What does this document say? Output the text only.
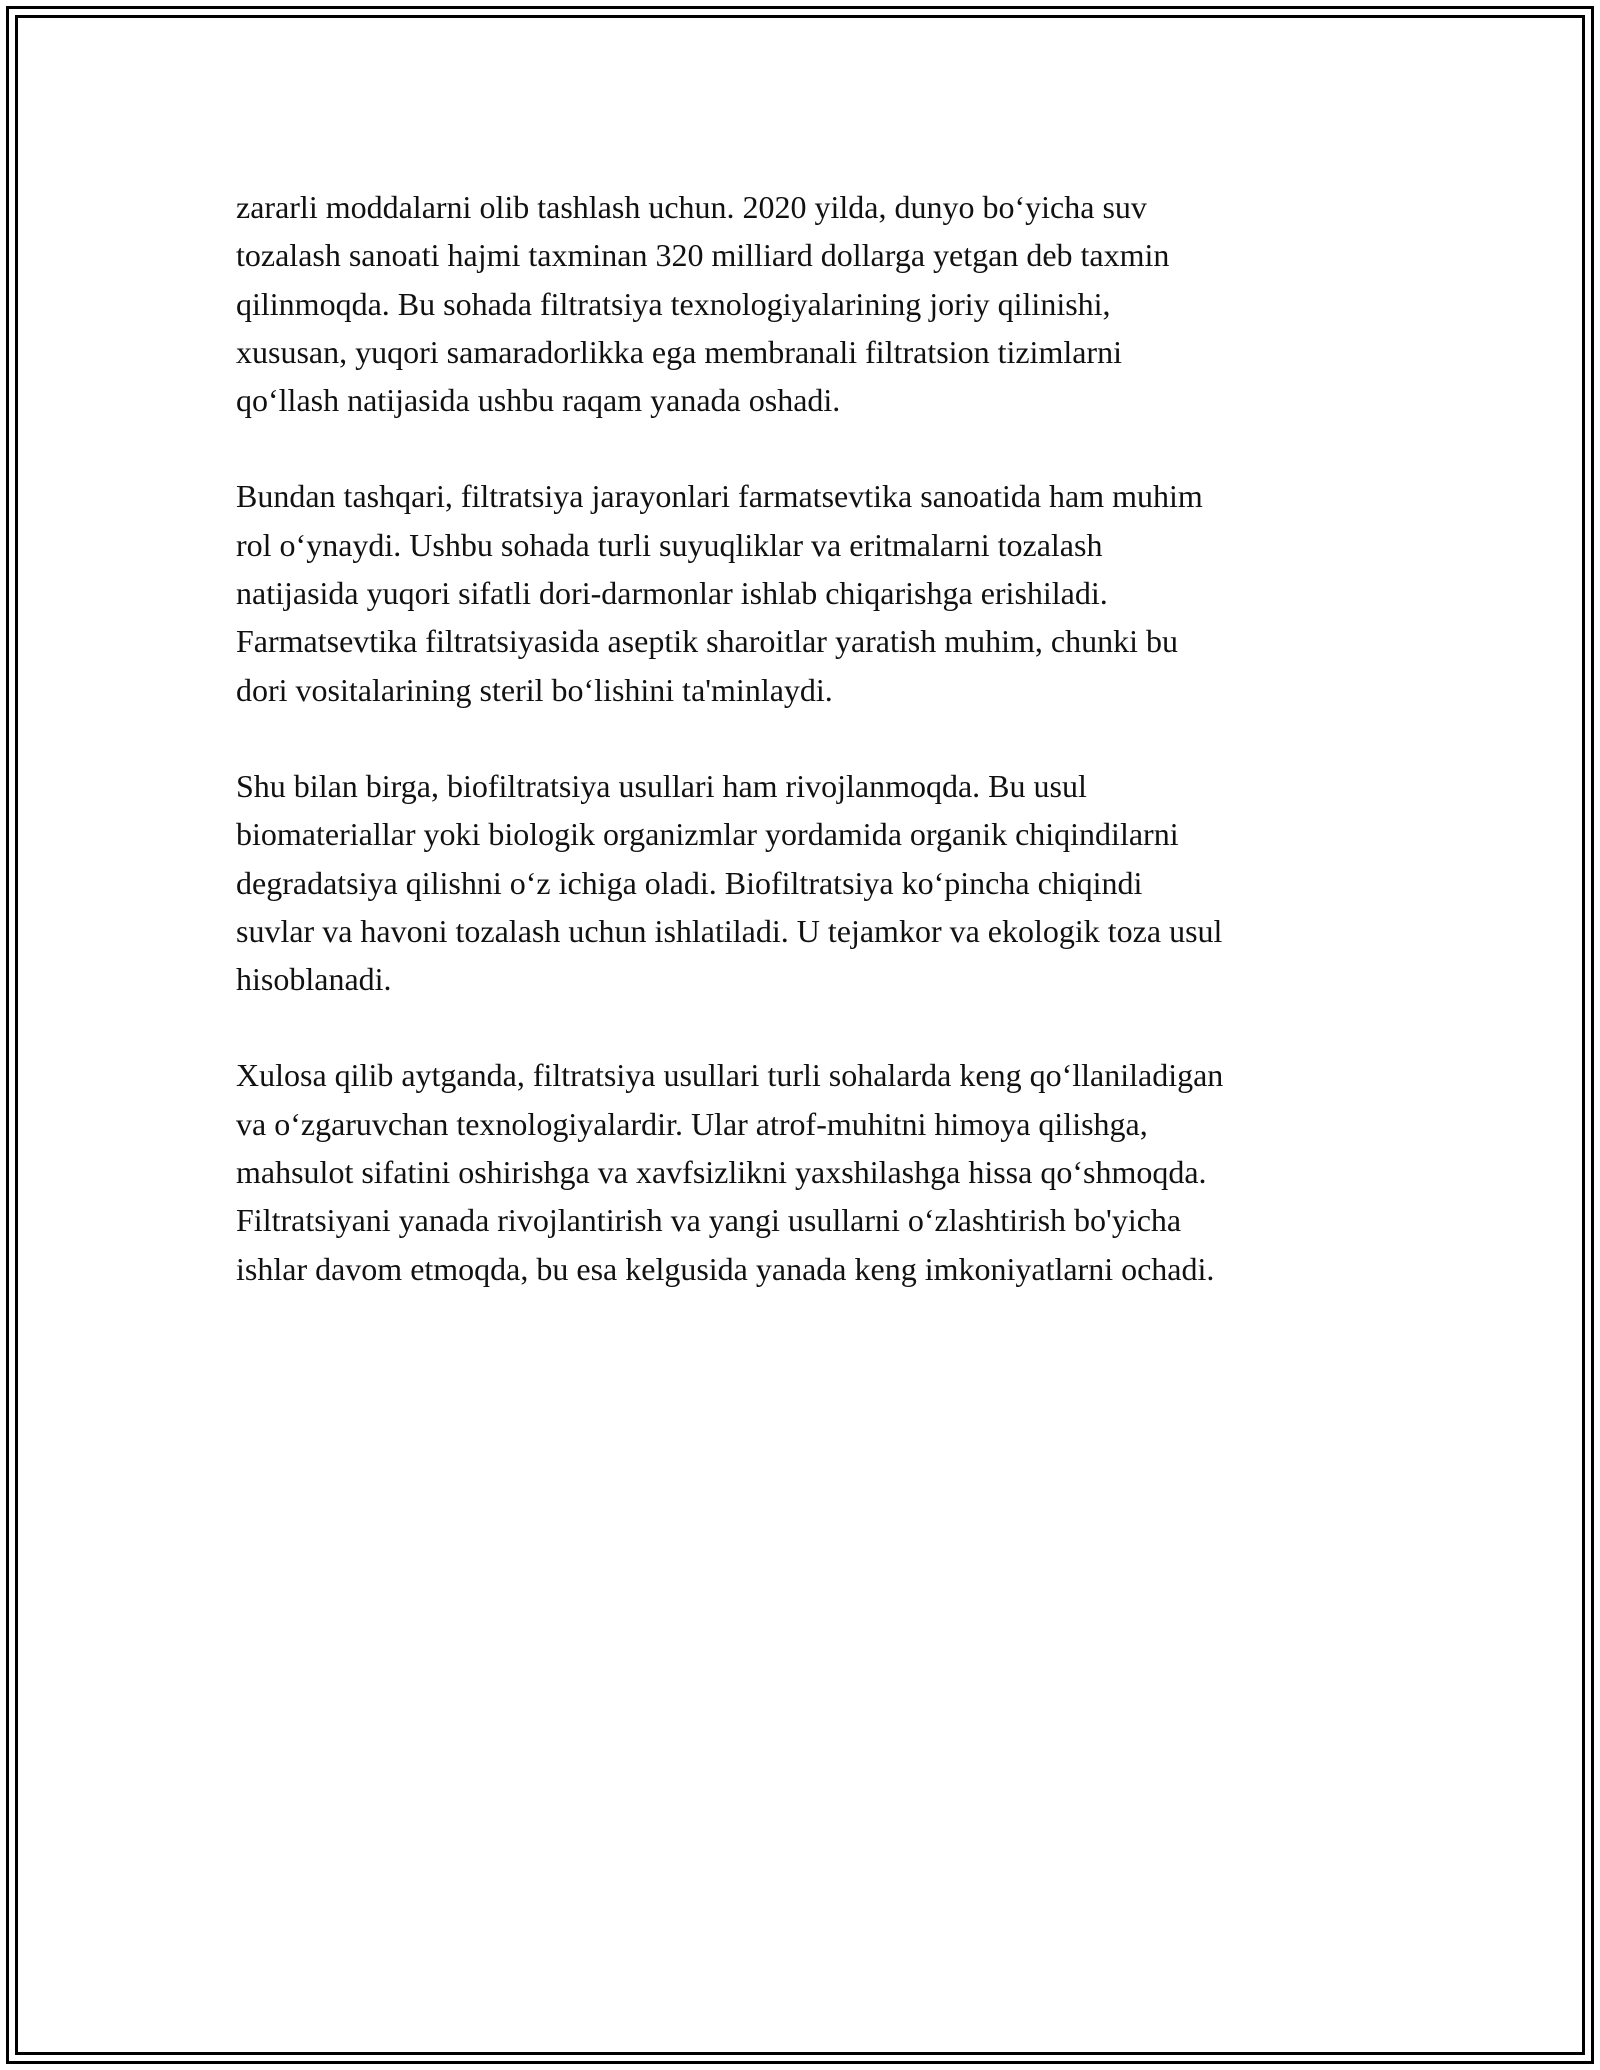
zararli moddalarni olib tashlash uchun. 2020 yilda, dunyo bo‘yicha suv
tozalash sanoati hajmi taxminan 320 milliard dollarga yetgan deb taxmin
qilinmoqda. Bu sohada filtratsiya texnologiyalarining joriy qilinishi,
xususan, yuqori samaradorlikka ega membranali filtratsion tizimlarni
qo‘llash natijasida ushbu raqam yanada oshadi.

Bundan tashqari, filtratsiya jarayonlari farmatsevtika sanoatida ham muhim
rol o‘ynaydi. Ushbu sohada turli suyuqliklar va eritmalarni tozalash
natijasida yuqori sifatli dori-darmonlar ishlab chiqarishga erishiladi.
Farmatsevtika filtratsiyasida aseptik sharoitlar yaratish muhim, chunki bu
dori vositalarining steril bo‘lishini ta'minlaydi.

Shu bilan birga, biofiltratsiya usullari ham rivojlanmoqda. Bu usul
biomateriallar yoki biologik organizmlar yordamida organik chiqindilarni
degradatsiya qilishni o‘z ichiga oladi. Biofiltratsiya ko‘pincha chiqindi
suvlar va havoni tozalash uchun ishlatiladi. U tejamkor va ekologik toza usul
hisoblanadi.

Xulosa qilib aytganda, filtratsiya usullari turli sohalarda keng qo‘llaniladigan
va o‘zgaruvchan texnologiyalardir. Ular atrof-muhitni himoya qilishga,
mahsulot sifatini oshirishga va xavfsizlikni yaxshilashga hissa qo‘shmoqda.
Filtratsiyani yanada rivojlantirish va yangi usullarni o‘zlashtirish bo'yicha
ishlar davom etmoqda, bu esa kelgusida yanada keng imkoniyatlarni ochadi.
